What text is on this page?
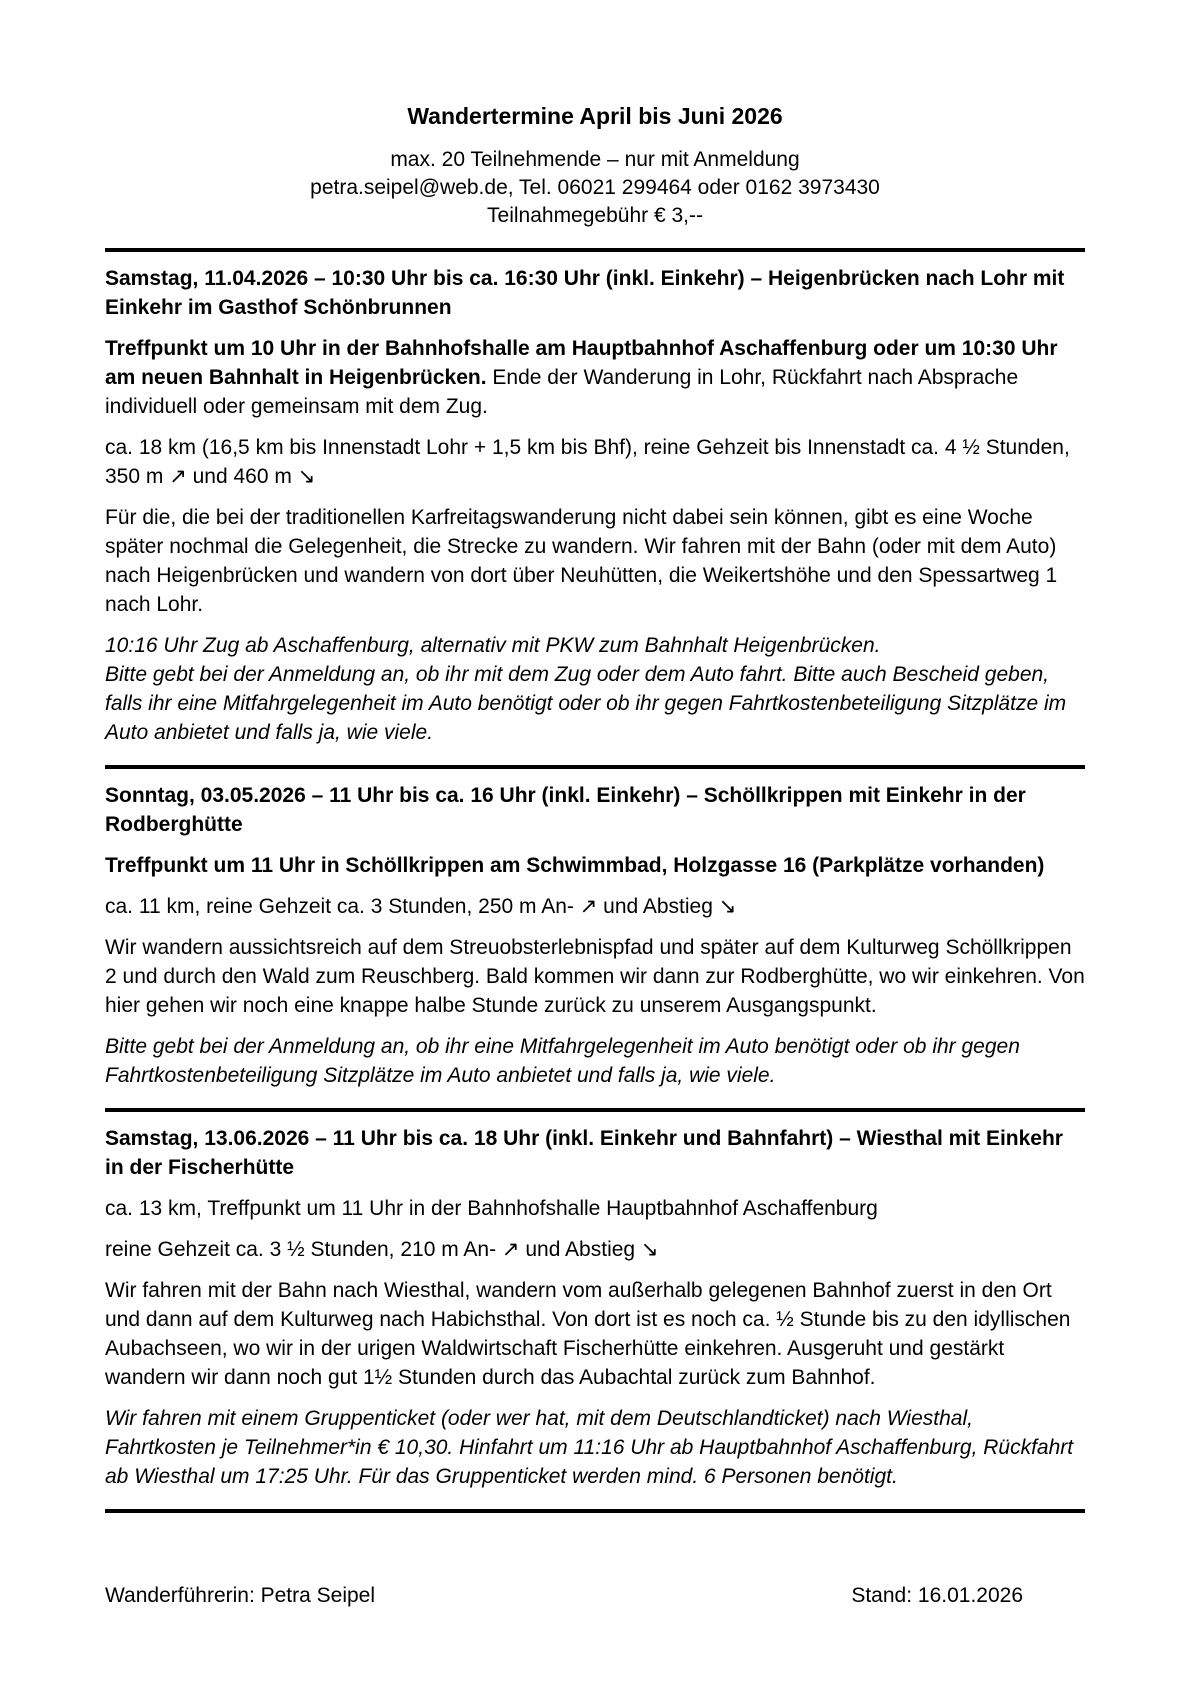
Wandertermine April bis Juni 2026
max. 20 Teilnehmende – nur mit Anmeldung
petra.seipel@web.de, Tel. 06021 299464 oder 0162 3973430
Teilnahmegebühr € 3,--
Samstag, 11.04.2026 – 10:30 Uhr bis ca. 16:30 Uhr (inkl. Einkehr) – Heigenbrücken nach Lohr mit Einkehr im Gasthof Schönbrunnen

Treffpunkt um 10 Uhr in der Bahnhofshalle am Hauptbahnhof Aschaffenburg oder um 10:30 Uhr am neuen Bahnhalt in Heigenbrücken. Ende der Wanderung in Lohr, Rückfahrt nach Absprache individuell oder gemeinsam mit dem Zug.

ca. 18 km (16,5 km bis Innenstadt Lohr + 1,5 km bis Bhf), reine Gehzeit bis Innenstadt ca. 4 ½ Stunden, 350 m ↗ und 460 m ↘

Für die, die bei der traditionellen Karfreitagswanderung nicht dabei sein können, gibt es eine Woche später nochmal die Gelegenheit, die Strecke zu wandern. Wir fahren mit der Bahn (oder mit dem Auto) nach Heigenbrücken und wandern von dort über Neuhütten, die Weikertshöhe und den Spessartweg 1 nach Lohr.

10:16 Uhr Zug ab Aschaffenburg, alternativ mit PKW zum Bahnhalt Heigenbrücken.
Bitte gebt bei der Anmeldung an, ob ihr mit dem Zug oder dem Auto fahrt. Bitte auch Bescheid geben, falls ihr eine Mitfahrgelegenheit im Auto benötigt oder ob ihr gegen Fahrtkostenbeteiligung Sitzplätze im Auto anbietet und falls ja, wie viele.

Sonntag, 03.05.2026 – 11 Uhr bis ca. 16 Uhr (inkl. Einkehr) – Schöllkrippen mit Einkehr in der Rodberghütte

Treffpunkt um 11 Uhr in Schöllkrippen am Schwimmbad, Holzgasse 16 (Parkplätze vorhanden)

ca. 11 km, reine Gehzeit ca. 3 Stunden, 250 m An- ↗ und Abstieg ↘

Wir wandern aussichtsreich auf dem Streuobsterlebnispfad und später auf dem Kulturweg Schöllkrippen 2 und durch den Wald zum Reuschberg. Bald kommen wir dann zur Rodberghütte, wo wir einkehren. Von hier gehen wir noch eine knappe halbe Stunde zurück zu unserem Ausgangspunkt.

Bitte gebt bei der Anmeldung an, ob ihr eine Mitfahrgelegenheit im Auto benötigt oder ob ihr gegen Fahrtkostenbeteiligung Sitzplätze im Auto anbietet und falls ja, wie viele.

Samstag, 13.06.2026 – 11 Uhr bis ca. 18 Uhr (inkl. Einkehr und Bahnfahrt) – Wiesthal mit Einkehr in der Fischerhütte

ca. 13 km, Treffpunkt um 11 Uhr in der Bahnhofshalle Hauptbahnhof Aschaffenburg

reine Gehzeit ca. 3 ½ Stunden, 210 m An- ↗ und Abstieg ↘

Wir fahren mit der Bahn nach Wiesthal, wandern vom außerhalb gelegenen Bahnhof zuerst in den Ort und dann auf dem Kulturweg nach Habichsthal. Von dort ist es noch ca. ½ Stunde bis zu den idyllischen Aubachseen, wo wir in der urigen Waldwirtschaft Fischerhütte einkehren. Ausgeruht und gestärkt wandern wir dann noch gut 1½ Stunden durch das Aubachtal zurück zum Bahnhof.

Wir fahren mit einem Gruppenticket (oder wer hat, mit dem Deutschlandticket) nach Wiesthal, Fahrtkosten je Teilnehmer*in € 10,30. Hinfahrt um 11:16 Uhr ab Hauptbahnhof Aschaffenburg, Rückfahrt ab Wiesthal um 17:25 Uhr. Für das Gruppenticket werden mind. 6 Personen benötigt.

Wanderführerin: Petra Seipel	Stand: 16.01.2026
